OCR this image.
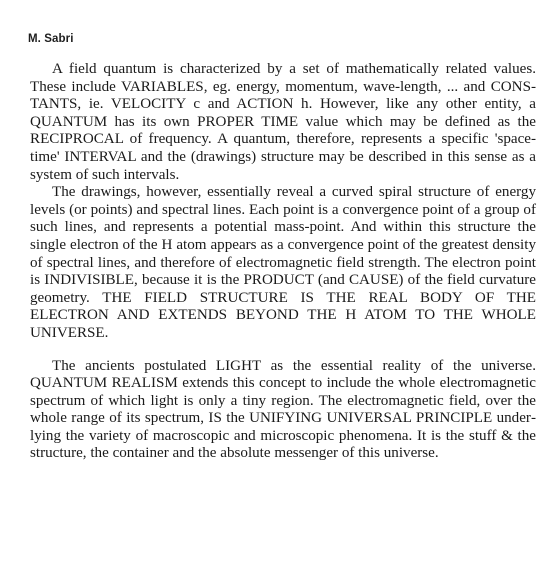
M. Sabri

A field quantum is characterized by a set of mathematically related values. These include VARIABLES, eg. energy, momentum, wave-length, ... and CONSTANTS, ie. VELOCITY c and ACTION h. However, like any other entity, a QUANTUM has its own PROPER TIME value which may be defined as the RECIPROCAL of frequency. A quantum, therefore, represents a specific 'space-time' INTERVAL and the (drawings) structure may be described in this sense as a system of such intervals.

The drawings, however, essentially reveal a curved spiral structure of energy levels (or points) and spectral lines. Each point is a convergence point of a group of such lines, and represents a potential mass-point. And within this structure the single electron of the H atom appears as a convergence point of the greatest density of spectral lines, and therefore of electromagnetic field strength. The electron point is INDIVISIBLE, because it is the PRODUCT (and CAUSE) of the field curvature geometry. THE FIELD STRUCTURE IS THE REAL BODY OF THE ELECTRON AND EXTENDS BEYOND THE H ATOM TO THE WHOLE UNIVERSE.

The ancients postulated LIGHT as the essential reality of the universe. QUANTUM REALISM extends this concept to include the whole electromagnetic spectrum of which light is only a tiny region. The electromagnetic field, over the whole range of its spectrum, IS the UNIFYING UNIVERSAL PRINCIPLE underlying the variety of macroscopic and microscopic phenomena. It is the stuff & the structure, the container and the absolute messenger of this universe.
